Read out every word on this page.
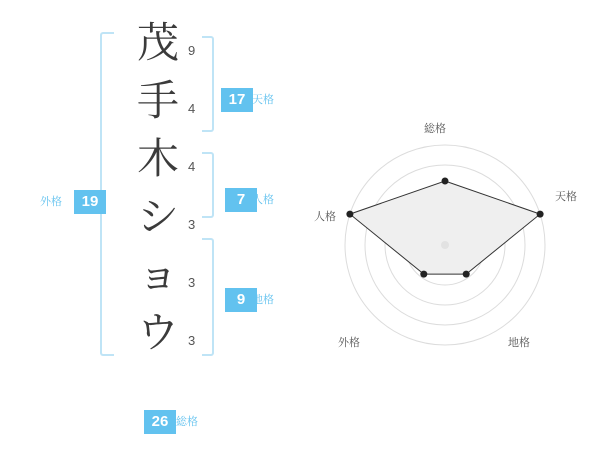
19
外格
茂
手
木
シ
ョ
ウ
9
4
4
3
3
3
17 天格
7 人格
9 地格
26 総格
総格
天格
地格
外格
人格
